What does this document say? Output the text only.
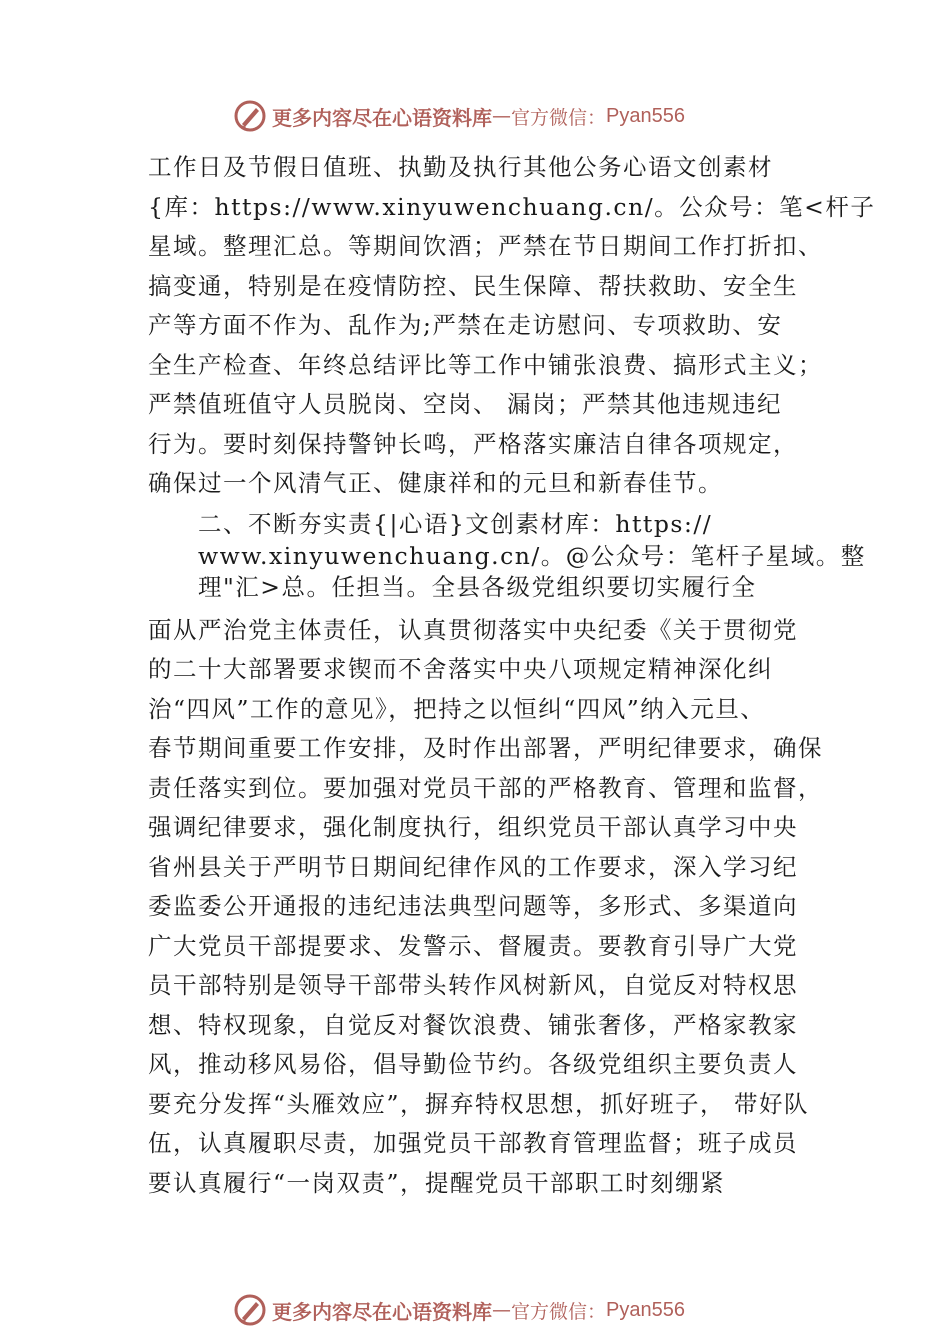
更多内容尽在心语资料库 — 官方微信： Pyan556
工作日及节假日值班、执勤及执行其他公务心语文创素材
{库：https://www.xinyuwenchuang.cn/。公众号：笔<杆子
星域。整理汇总。等期间饮酒；严禁在节日期间工作打折扣、
搞变通，特别是在疫情防控、民生保障、帮扶救助、安全生
产等方面不作为、乱作为;严禁在走访慰问、专项救助、安
全生产检查、年终总结评比等工作中铺张浪费、搞形式主义；
严禁值班值守人员脱岗、空岗、 漏岗；严禁其他违规违纪
行为。要时刻保持警钟长鸣，严格落实廉洁自律各项规定，
确保过一个风清气正、健康祥和的元旦和新春佳节。
二、不断夯实责{|心语}文创素材库：https://
www.xinyuwenchuang.cn/。@公众号：笔杆子星域。整
理"汇>总。任担当。全县各级党组织要切实履行全
面从严治党主体责任，认真贯彻落实中央纪委《关于贯彻党
的二十大部署要求锲而不舍落实中央八项规定精神深化纠
治“四风”工作的意见》，把持之以恒纠“四风”纳入元旦、
春节期间重要工作安排，及时作出部署，严明纪律要求，确保
责任落实到位。要加强对党员干部的严格教育、管理和监督，
强调纪律要求，强化制度执行，组织党员干部认真学习中央
省州县关于严明节日期间纪律作风的工作要求，深入学习纪
委监委公开通报的违纪违法典型问题等，多形式、多渠道向
广大党员干部提要求、发警示、督履责。要教育引导广大党
员干部特别是领导干部带头转作风树新风，自觉反对特权思
想、特权现象，自觉反对餐饮浪费、铺张奢侈，严格家教家
风，推动移风易俗，倡导勤俭节约。各级党组织主要负责人
要充分发挥“头雁效应”，摒弃特权思想，抓好班子， 带好队
伍，认真履职尽责，加强党员干部教育管理监督；班子成员
要认真履行“一岗双责”，提醒党员干部职工时刻绷紧
更多内容尽在心语资料库 — 官方微信： Pyan556
